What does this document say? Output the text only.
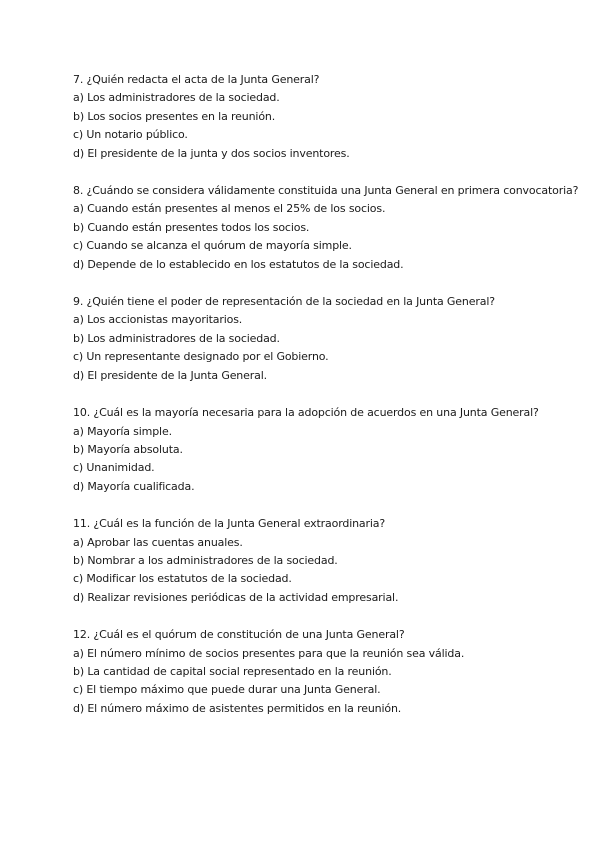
7. ¿Quién redacta el acta de la Junta General?
a) Los administradores de la sociedad.
b) Los socios presentes en la reunión.
c) Un notario público.
d) El presidente de la junta y dos socios inventores.
8. ¿Cuándo se considera válidamente constituida una Junta General en primera convocatoria?
a) Cuando están presentes al menos el 25% de los socios.
b) Cuando están presentes todos los socios.
c) Cuando se alcanza el quórum de mayoría simple.
d) Depende de lo establecido en los estatutos de la sociedad.
9. ¿Quién tiene el poder de representación de la sociedad en la Junta General?
a) Los accionistas mayoritarios.
b) Los administradores de la sociedad.
c) Un representante designado por el Gobierno.
d) El presidente de la Junta General.
10. ¿Cuál es la mayoría necesaria para la adopción de acuerdos en una Junta General?
a) Mayoría simple.
b) Mayoría absoluta.
c) Unanimidad.
d) Mayoría cualificada.
11. ¿Cuál es la función de la Junta General extraordinaria?
a) Aprobar las cuentas anuales.
b) Nombrar a los administradores de la sociedad.
c) Modificar los estatutos de la sociedad.
d) Realizar revisiones periódicas de la actividad empresarial.
12. ¿Cuál es el quórum de constitución de una Junta General?
a) El número mínimo de socios presentes para que la reunión sea válida.
b) La cantidad de capital social representado en la reunión.
c) El tiempo máximo que puede durar una Junta General.
d) El número máximo de asistentes permitidos en la reunión.
